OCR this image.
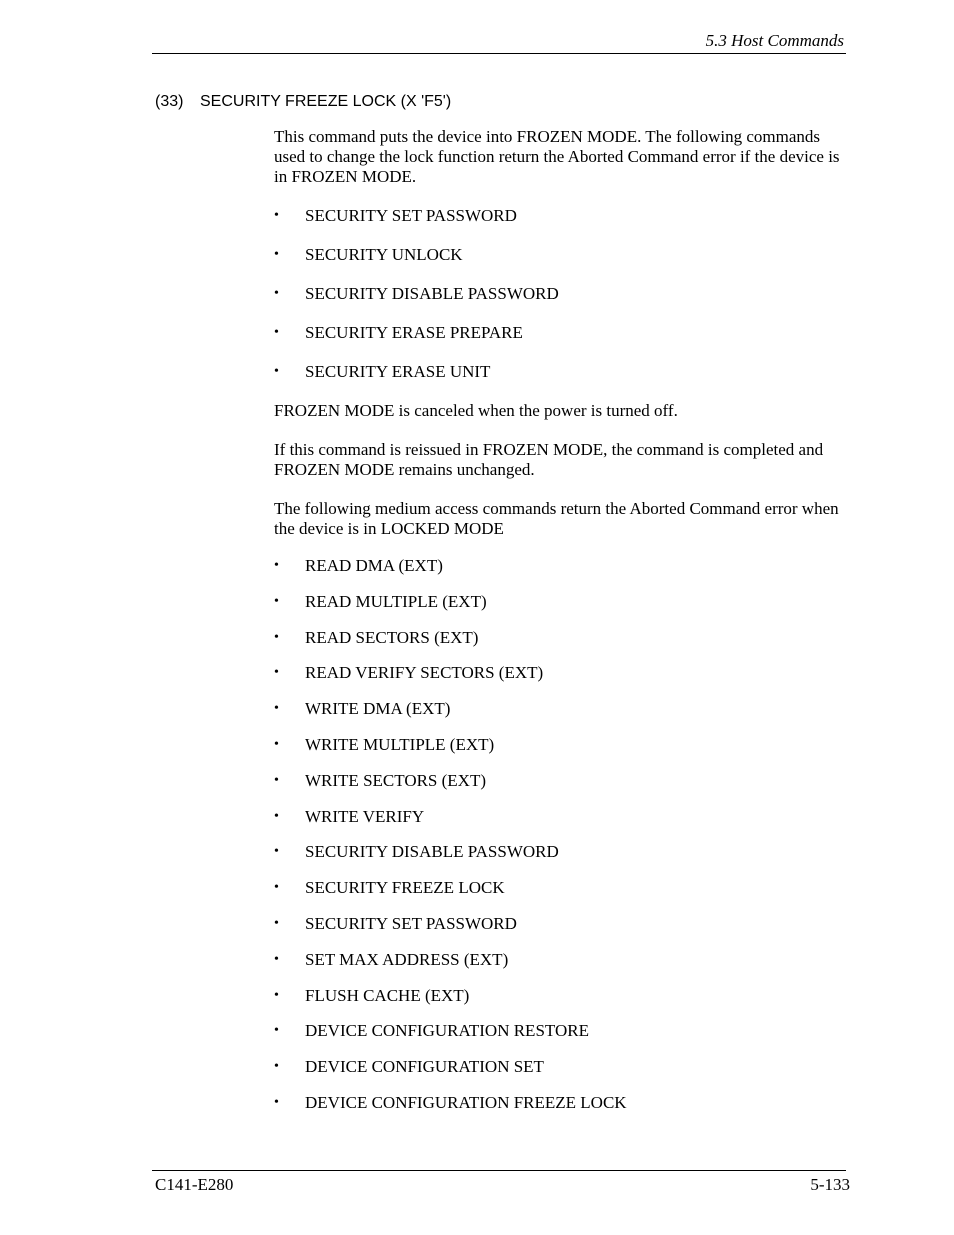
5.3 Host Commands
(33) SECURITY FREEZE LOCK (X 'F5')

This command puts the device into FROZEN MODE. The following commands used to change the lock function return the Aborted Command error if the device is in FROZEN MODE.

• SECURITY SET PASSWORD
• SECURITY UNLOCK
• SECURITY DISABLE PASSWORD
• SECURITY ERASE PREPARE
• SECURITY ERASE UNIT

FROZEN MODE is canceled when the power is turned off.

If this command is reissued in FROZEN MODE, the command is completed and FROZEN MODE remains unchanged.

The following medium access commands return the Aborted Command error when the device is in LOCKED MODE

• READ DMA (EXT)
• READ MULTIPLE (EXT)
• READ SECTORS (EXT)
• READ VERIFY SECTORS (EXT)
• WRITE DMA (EXT)
• WRITE MULTIPLE (EXT)
• WRITE SECTORS (EXT)
• WRITE VERIFY
• SECURITY DISABLE PASSWORD
• SECURITY FREEZE LOCK
• SECURITY SET PASSWORD
• SET MAX ADDRESS (EXT)
• FLUSH CACHE (EXT)
• DEVICE CONFIGURATION RESTORE
• DEVICE CONFIGURATION SET
• DEVICE CONFIGURATION FREEZE LOCK
C141-E280	5-133
